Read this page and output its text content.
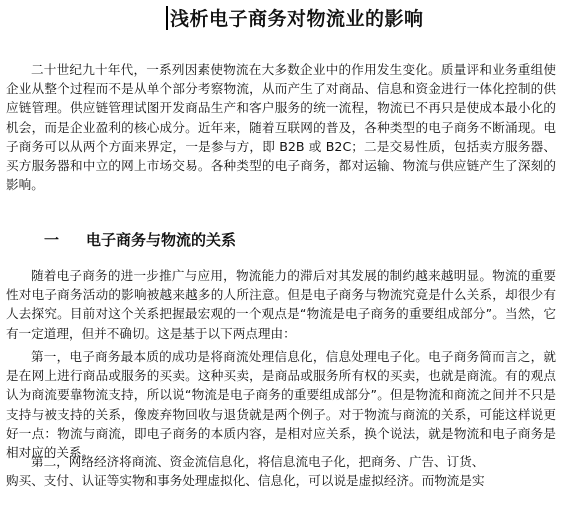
浅析电子商务对物流业的影响

二十世纪九十年代，一系列因素使物流在大多数企业中的作用发生变化。质量评和业务重组使企业从整个过程而不是从单个部分考察物流，从而产生了对商品、信息和资金进行一体化控制的供应链管理。供应链管理试图开发商品生产和客户服务的统一流程，物流已不再只是使成本最小化的机会，而是企业盈利的核心成分。近年来，随着互联网的普及，各种类型的电子商务不断涌现。电子商务可以从两个方面来界定，一是参与方，即 B2B 或 B2C；二是交易性质，包括卖方服务器、买方服务器和中立的网上市场交易。各种类型的电子商务，都对运输、物流与供应链产生了深刻的影响。

一 电子商务与物流的关系

随着电子商务的进一步推广与应用，物流能力的滞后对其发展的制约越来越明显。物流的重要性对电子商务活动的影响被越来越多的人所注意。但是电子商务与物流究竟是什么关系，却很少有人去探究。目前对这个关系把握最宏观的一个观点是“物流是电子商务的重要组成部分”。当然，它有一定道理，但并不确切。这是基于以下两点理由：

第一，电子商务最本质的成功是将商流处理信息化，信息处理电子化。电子商务简而言之，就是在网上进行商品或服务的买卖。这种买卖，是商品或服务所有权的买卖，也就是商流。有的观点认为商流要靠物流支持，所以说“物流是电子商务的重要组成部分”。但是物流和商流之间并不只是支持与被支持的关系，像废弃物回收与退货就是两个例子。对于物流与商流的关系，可能这样说更好一点：物流与商流，即电子商务的本质内容，是相对应关系，换个说法，就是物流和电子商务是相对应的关系。

第二，网络经济将商流、资金流信息化，将信息流电子化，把商务、广告、订货、

购买、支付、认证等实物和事务处理虚拟化、信息化，可以说是虚拟经济。而物流是实
